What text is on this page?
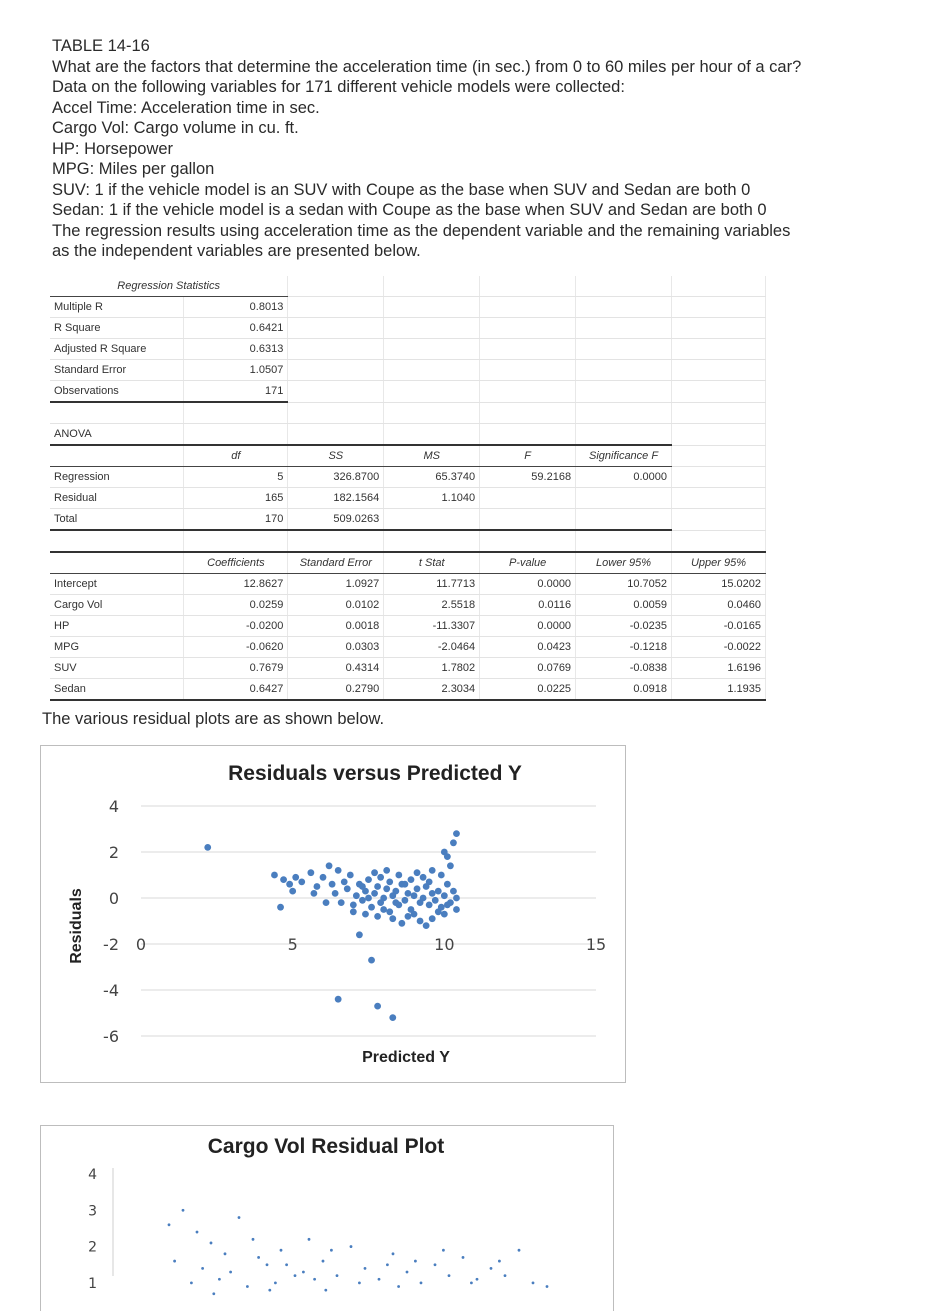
TABLE 14-16
What are the factors that determine the acceleration time (in sec.) from 0 to 60 miles per hour of a car?
Data on the following variables for 171 different vehicle models were collected:
Accel Time: Acceleration time in sec.
Cargo Vol: Cargo volume in cu. ft.
HP: Horsepower
MPG: Miles per gallon
SUV: 1 if the vehicle model is an SUV with Coupe as the base when SUV and Sedan are both 0
Sedan: 1 if the vehicle model is a sedan with Coupe as the base when SUV and Sedan are both 0
The regression results using acceleration time as the dependent variable and the remaining variables
as the independent variables are presented below.
Regression Statistics						
Multiple R	0.8013					
R Square	0.6421					
Adjusted R Square	0.6313					
Standard Error	1.0507					
Observations	171					

ANOVA						
	df	SS	MS	F	Significance F	
Regression	5	326.8700	65.3740	59.2168	0.0000	
Residual	165	182.1564	1.1040			
Total	170	509.0263				

	Coefficients	Standard Error	t Stat	P-value	Lower 95%	Upper 95%
Intercept	12.8627	1.0927	11.7713	0.0000	10.7052	15.0202
Cargo Vol	0.0259	0.0102	2.5518	0.0116	0.0059	0.0460
HP	-0.0200	0.0018	-11.3307	0.0000	-0.0235	-0.0165
MPG	-0.0620	0.0303	-2.0464	0.0423	-0.1218	-0.0022
SUV	0.7679	0.4314	1.7802	0.0769	-0.0838	1.6196
Sedan	0.6427	0.2790	2.3034	0.0225	0.0918	1.1935
The various residual plots are as shown below.
Residuals versus Predicted Y
4
2
0
-2
-4
-6
0	5	10	15
Predicted Y
Residuals
Cargo Vol Residual Plot
4
3
2
1
